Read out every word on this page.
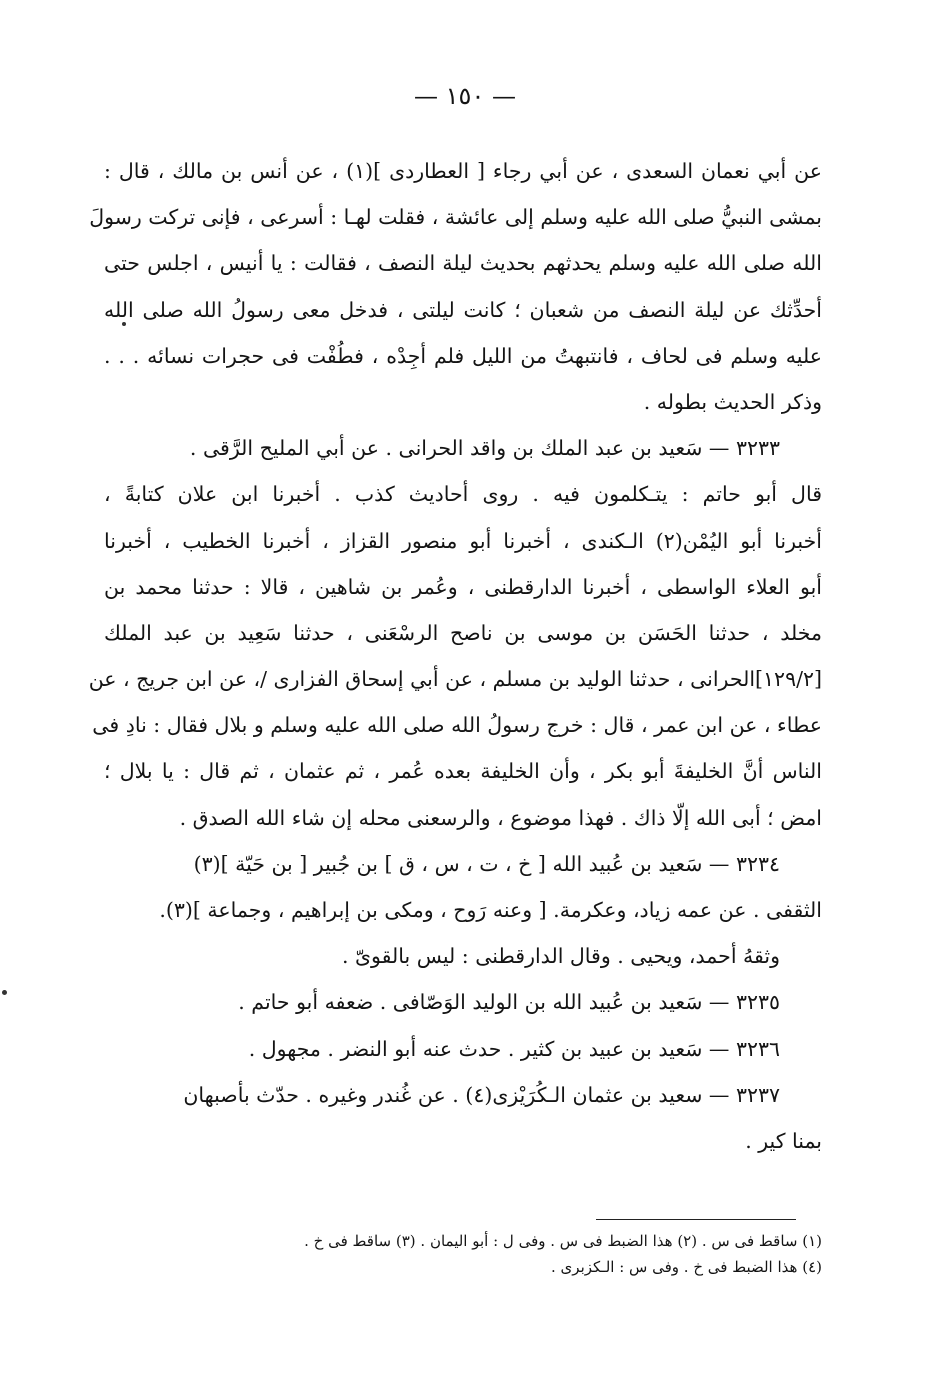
— ١٥٠ —
عن أبي نعمان السعدى ، عن أبي رجاء [ العطاردى ](١) ، عن أنس بن مالك ، قال :
بمشى النبيُّ صلى الله عليه وسلم إلى عائشة ، فقلت لهـا : أسرعى ، فإنى تركت رسولَ
الله صلى الله عليه وسلم يحدثهم بحديث ليلة النصف ، فقالت : يا أنيس ، اجلس حتى
أحدِّثك عن ليلة النصف من شعبان ؛ كانت ليلتى ، فدخل معى رسولُ الله صلى الله
عليه وسلم فى لحاف ، فانتبهتُ من الليل فلم أجِدْه ، فطُفْت فى حجرات نسائه . . .
وذكر الحديث بطوله .
٣٢٣٣ — سَعيد بن عبد الملك بن واقد الحرانى . عن أبي المليح الرَّقى .
قال أبو حاتم : يتـكلمون فيه . روى أحاديث كذب . أخبرنا ابن علان كتابةً ،
أخبرنا أبو اليُمْن(٢) الـكندى ، أخبرنا أبو منصور القزاز ، أخبرنا الخطيب ، أخبرنا
أبو العلاء الواسطى ، أخبرنا الدارقطنى ، وعُمر بن شاهين ، قالا : حدثنا محمد بن
مخلد ، حدثنا الحَسَن بن موسى بن ناصح الرسْعَنى ، حدثنا سَعِيد بن عبد الملك
[١٢٩/٢]الحرانى ، حدثنا الوليد بن مسلم ، عن أبي إسحاق الفزارى /، عن ابن جريج ، عن
عطاء ، عن ابن عمر ، قال : خرج رسولُ الله صلى الله عليه وسلم و بلال فقال : نادِ فى
الناس أنَّ الخليفةَ أبو بكر ، وأن الخليفة بعده عُمر ، ثم عثمان ، ثم قال : يا بلال ؛
امض ؛ أبى الله إلّا ذاك . فهذا موضوع ، والرسعنى محله إن شاء الله الصدق .
٣٢٣٤ — سَعيد بن عُبيد الله [ خ ، ت ، س ، ق ] بن جُبير [ بن حَيّة ](٣)
الثقفى . عن عمه زياد، وعكرمة. [ وعنه رَوح ، ومكى بن إبراهيم ، وجماعة ](٣).
وثقهُ أحمد، ويحيى . وقال الدارقطنى : ليس بالقوىّ .
٣٢٣٥ — سَعيد بن عُبيد الله بن الوليد الوَصّافى . ضعفه أبو حاتم .
٣٢٣٦ — سَعيد بن عبيد بن كثير . حدث عنه أبو النضر . مجهول .
٣٢٣٧ — سعيد بن عثمان الـكُرَيْزى(٤) . عن غُندر وغيره . حدّث بأصبهان
بمنا كير .
(١) ساقط فى س . (٢) هذا الضبط فى س . وفى ل : أبو اليمان . (٣) ساقط فى خ .
(٤) هذا الضبط فى خ . وفى س : الـكزبرى .
